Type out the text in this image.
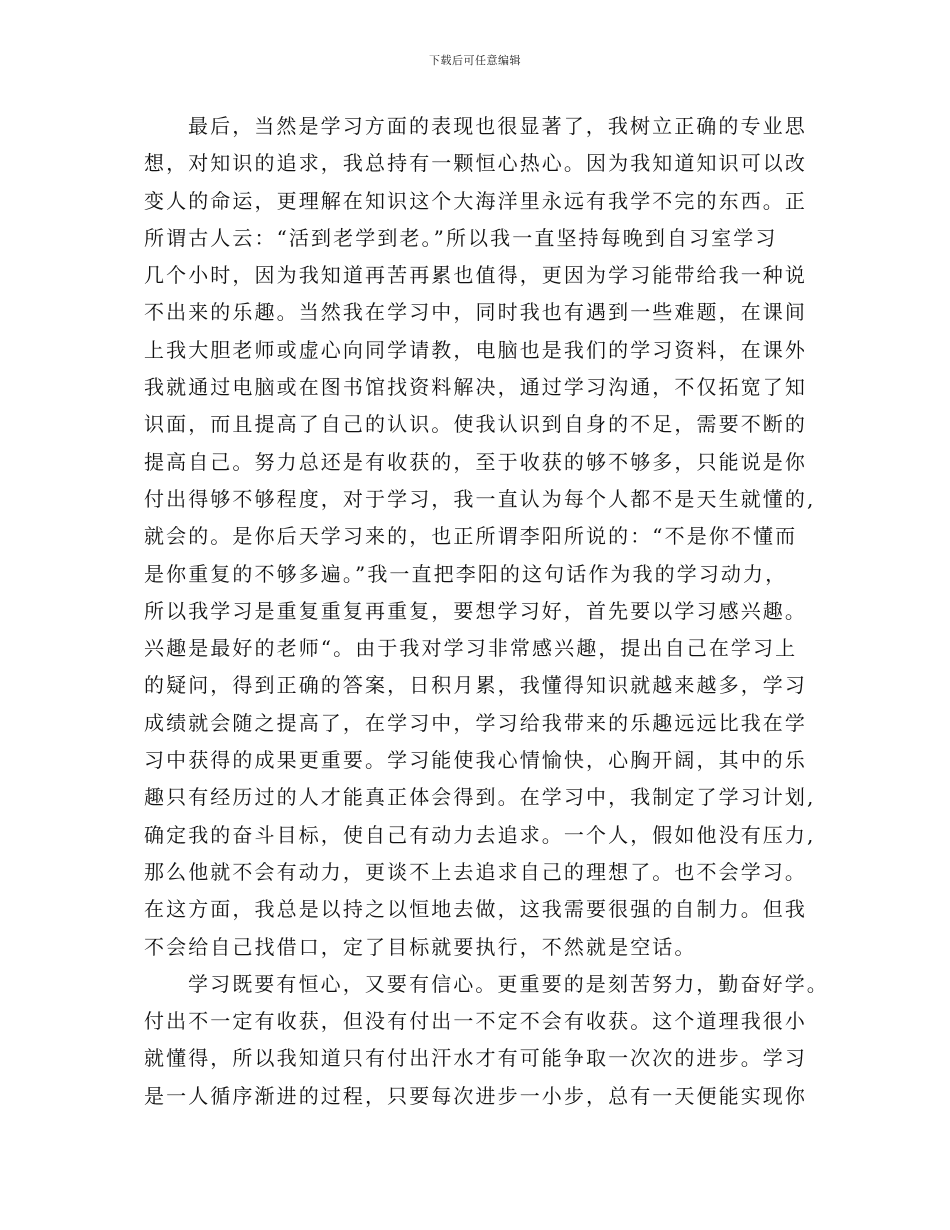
下载后可任意编辑
最后，当然是学习方面的表现也很显著了，我树立正确的专业思
想，对知识的追求，我总持有一颗恒心热心。因为我知道知识可以改
变人的命运，更理解在知识这个大海洋里永远有我学不完的东西。正
所谓古人云：“活到老学到老。”所以我一直坚持每晚到自习室学习
几个小时，因为我知道再苦再累也值得，更因为学习能带给我一种说
不出来的乐趣。当然我在学习中，同时我也有遇到一些难题，在课间
上我大胆老师或虚心向同学请教，电脑也是我们的学习资料，在课外
我就通过电脑或在图书馆找资料解决，通过学习沟通，不仅拓宽了知
识面，而且提高了自己的认识。使我认识到自身的不足，需要不断的
提高自己。努力总还是有收获的，至于收获的够不够多，只能说是你
付出得够不够程度，对于学习，我一直认为每个人都不是天生就懂的,
就会的。是你后天学习来的，也正所谓李阳所说的：“不是你不懂而
是你重复的不够多遍。”我一直把李阳的这句话作为我的学习动力，
所以我学习是重复重复再重复，要想学习好，首先要以学习感兴趣。
兴趣是最好的老师“。由于我对学习非常感兴趣，提出自己在学习上
的疑问，得到正确的答案，日积月累，我懂得知识就越来越多，学习
成绩就会随之提高了，在学习中，学习给我带来的乐趣远远比我在学
习中获得的成果更重要。学习能使我心情愉快，心胸开阔，其中的乐
趣只有经历过的人才能真正体会得到。在学习中，我制定了学习计划,
确定我的奋斗目标，使自己有动力去追求。一个人，假如他没有压力,
那么他就不会有动力，更谈不上去追求自己的理想了。也不会学习。
在这方面，我总是以持之以恒地去做，这我需要很强的自制力。但我
不会给自己找借口，定了目标就要执行，不然就是空话。
学习既要有恒心，又要有信心。更重要的是刻苦努力，勤奋好学。
付出不一定有收获，但没有付出一不定不会有收获。这个道理我很小
就懂得，所以我知道只有付出汗水才有可能争取一次次的进步。学习
是一人循序渐进的过程，只要每次进步一小步，总有一天便能实现你
